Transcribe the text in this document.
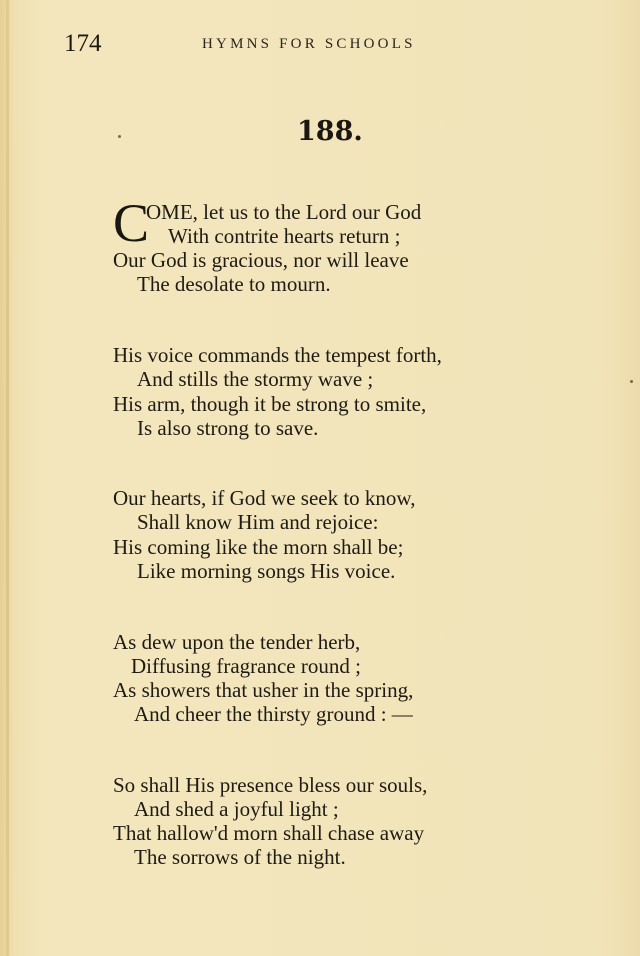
174	HYMNS FOR SCHOOLS
188.
C
OME, let us to the Lord our God
With contrite hearts return ;
Our God is gracious, nor will leave
The desolate to mourn.
His voice commands the tempest forth,
And stills the stormy wave ;
His arm, though it be strong to smite,
Is also strong to save.
Our hearts, if God we seek to know,
Shall know Him and rejoice:
His coming like the morn shall be;
Like morning songs His voice.
As dew upon the tender herb,
Diffusing fragrance round ;
As showers that usher in the spring,
And cheer the thirsty ground : —
So shall His presence bless our souls,
And shed a joyful light ;
That hallow'd morn shall chase away
The sorrows of the night.
